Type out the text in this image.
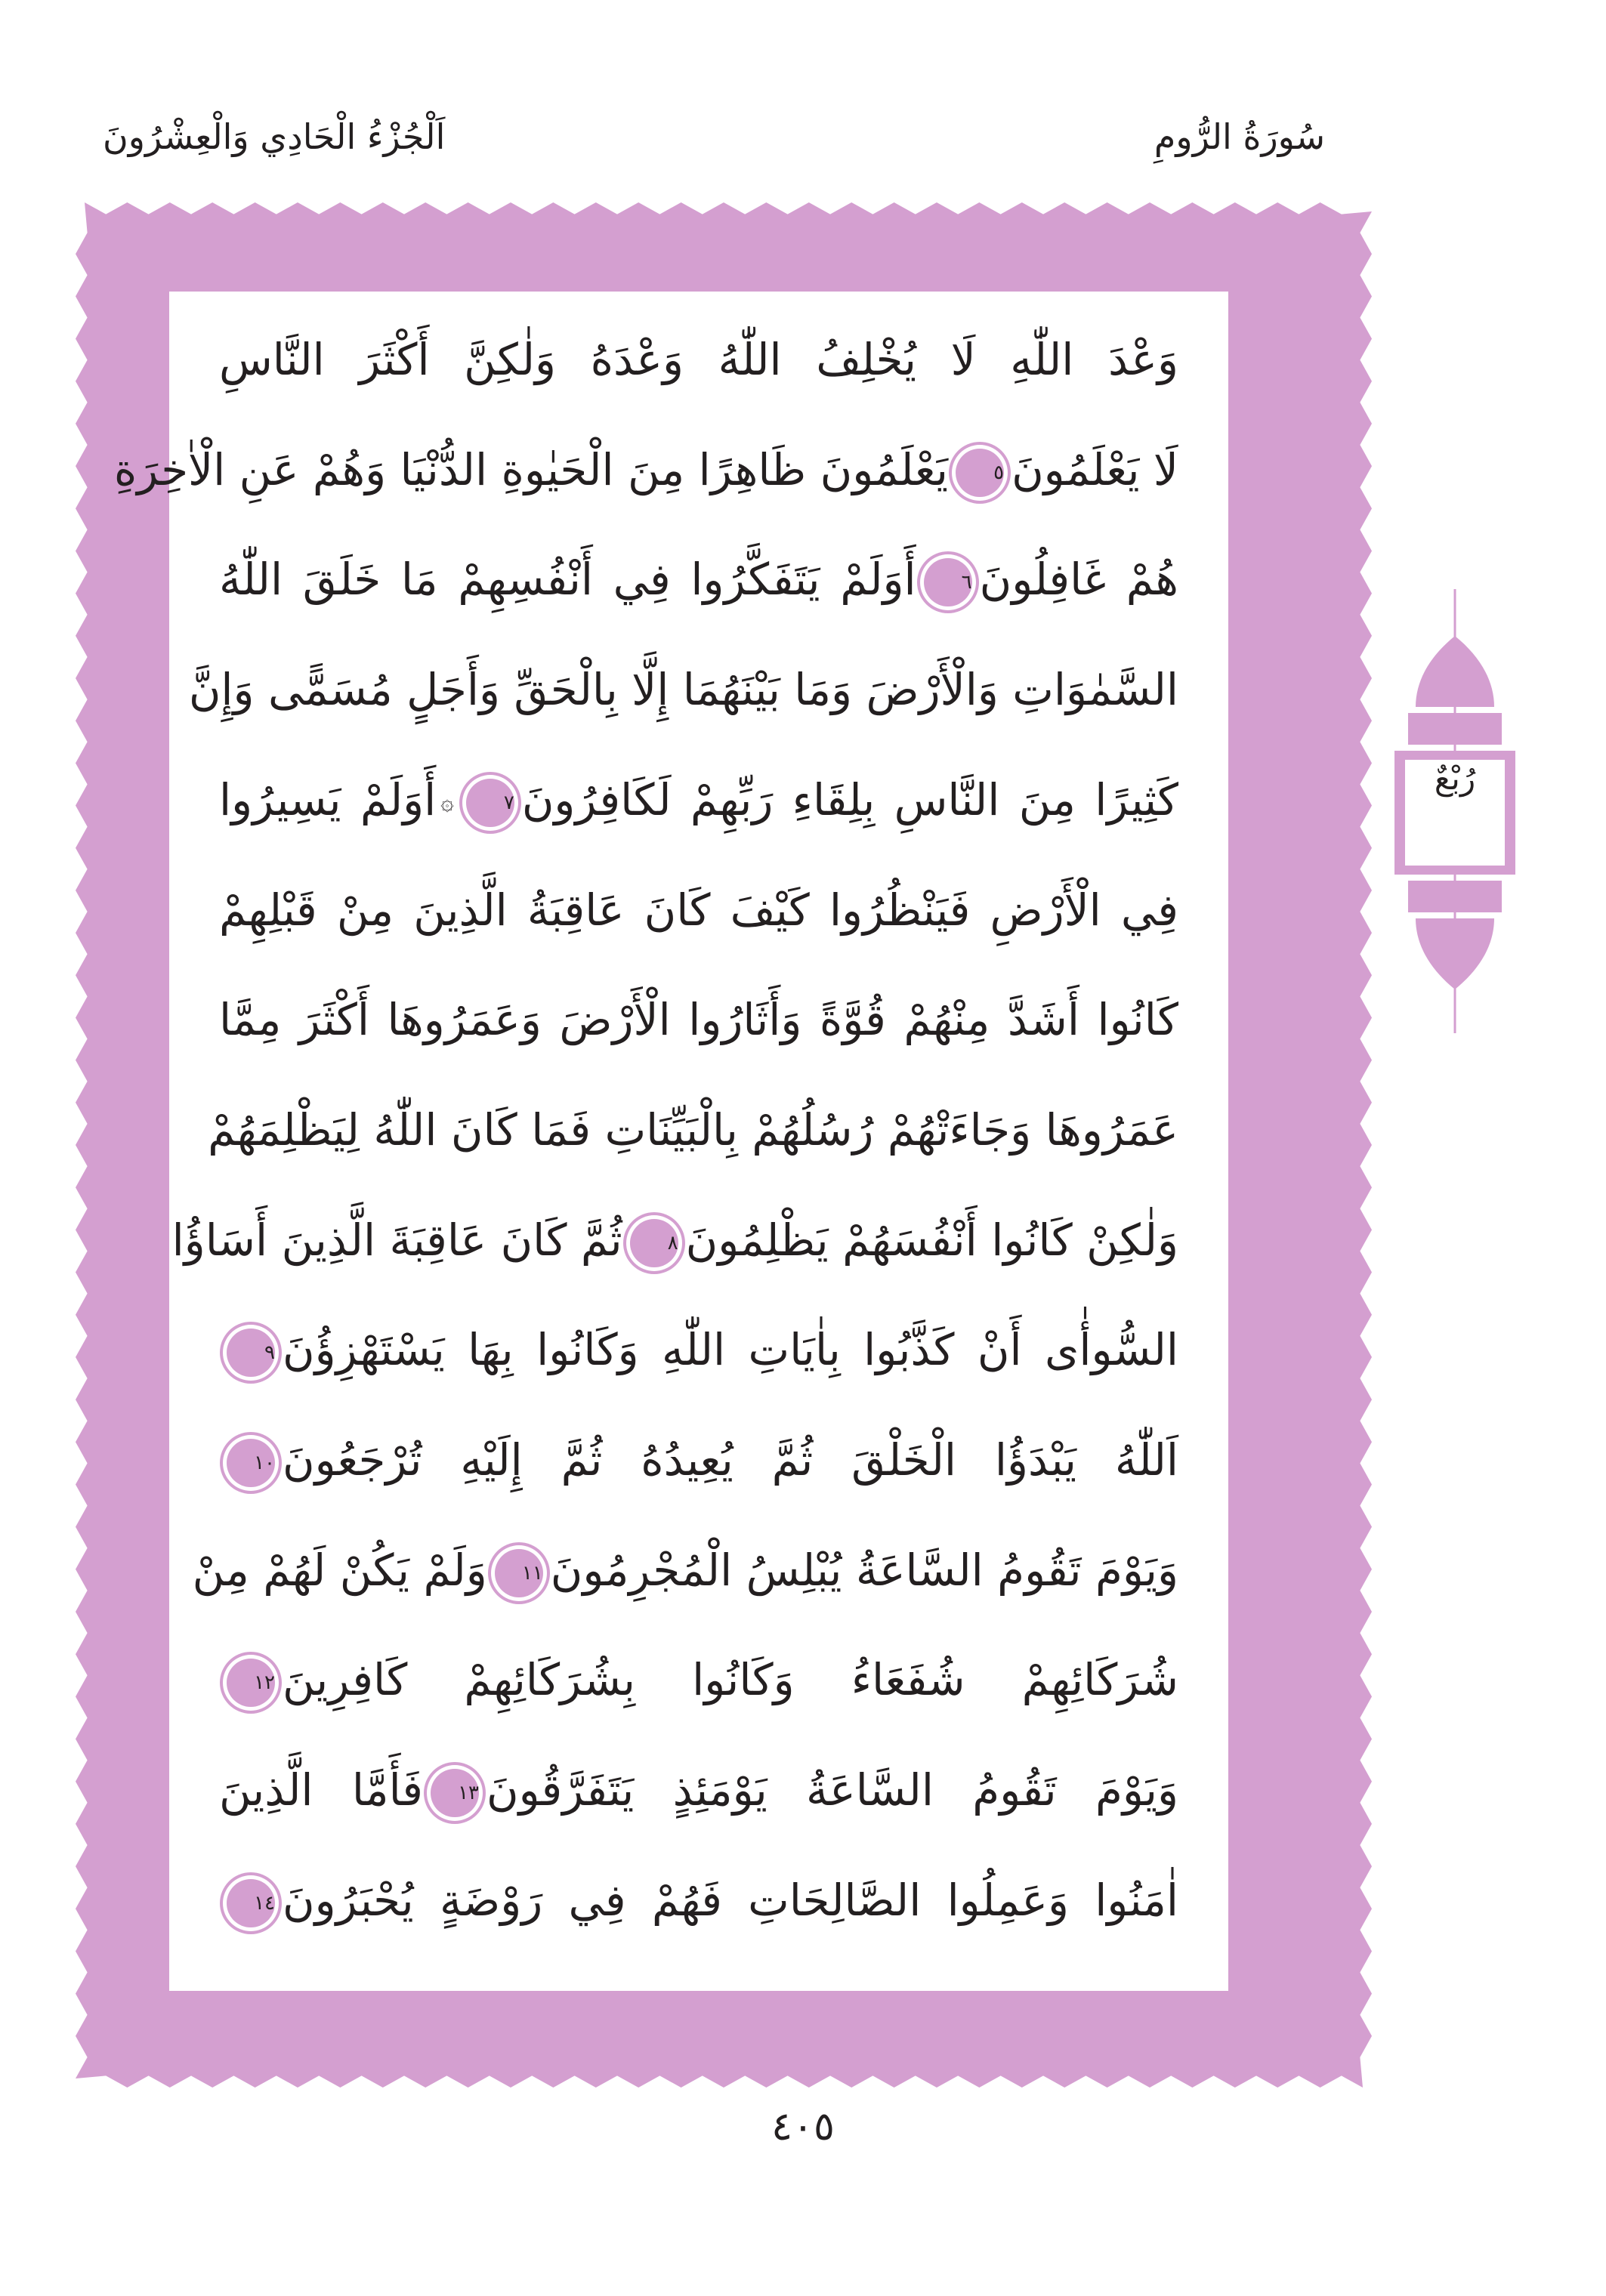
سُورَةُ الرُّومِ
اَلْجُزْءُ الْحَادِي وَالْعِشْرُونَ
وَعْدَ اللّٰهِ لَا يُخْلِفُ اللّٰهُ وَعْدَهُ وَلٰكِنَّ أَكْثَرَ النَّاسِ
لَا يَعْلَمُونَ٥يَعْلَمُونَ ظَاهِرًا مِنَ الْحَيٰوةِ الدُّنْيَا وَهُمْ عَنِ الْاٰخِرَةِ
هُمْ غَافِلُونَ٦أَوَلَمْ يَتَفَكَّرُوا فِي أَنْفُسِهِمْ مَا خَلَقَ اللّٰهُ
السَّمٰوَاتِ وَالْأَرْضَ وَمَا بَيْنَهُمَا إِلَّا بِالْحَقِّ وَأَجَلٍ مُسَمًّى وَإِنَّ
كَثِيرًا مِنَ النَّاسِ بِلِقَاءِ رَبِّهِمْ لَكَافِرُونَ٧۞أَوَلَمْ يَسِيرُوا
فِي الْأَرْضِ فَيَنْظُرُوا كَيْفَ كَانَ عَاقِبَةُ الَّذِينَ مِنْ قَبْلِهِمْ
كَانُوا أَشَدَّ مِنْهُمْ قُوَّةً وَأَثَارُوا الْأَرْضَ وَعَمَرُوهَا أَكْثَرَ مِمَّا
عَمَرُوهَا وَجَاءَتْهُمْ رُسُلُهُمْ بِالْبَيِّنَاتِ فَمَا كَانَ اللّٰهُ لِيَظْلِمَهُمْ
وَلٰكِنْ كَانُوا أَنْفُسَهُمْ يَظْلِمُونَ٨ثُمَّ كَانَ عَاقِبَةَ الَّذِينَ أَسَاؤُا
السُّوأٰى أَنْ كَذَّبُوا بِاٰيَاتِ اللّٰهِ وَكَانُوا بِهَا يَسْتَهْزِؤُنَ٩
اَللّٰهُ يَبْدَؤُا الْخَلْقَ ثُمَّ يُعِيدُهُ ثُمَّ إِلَيْهِ تُرْجَعُونَ١٠
وَيَوْمَ تَقُومُ السَّاعَةُ يُبْلِسُ الْمُجْرِمُونَ١١وَلَمْ يَكُنْ لَهُمْ مِنْ
شُرَكَائِهِمْ شُفَعَاءُ وَكَانُوا بِشُرَكَائِهِمْ كَافِرِينَ١٢
وَيَوْمَ تَقُومُ السَّاعَةُ يَوْمَئِذٍ يَتَفَرَّقُونَ١٣فَأَمَّا الَّذِينَ
اٰمَنُوا وَعَمِلُوا الصَّالِحَاتِ فَهُمْ فِي رَوْضَةٍ يُحْبَرُونَ١٤
رُبْعٌ
٤٠٥
